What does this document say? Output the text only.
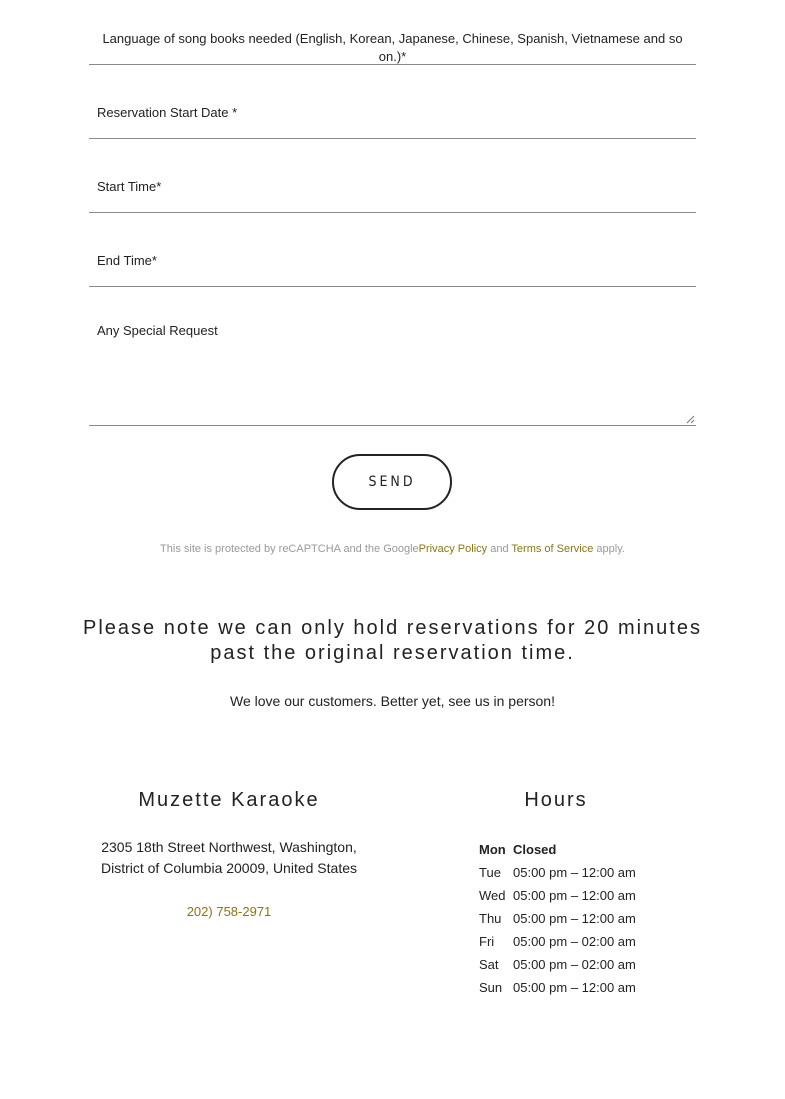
Language of song books needed (English, Korean, Japanese, Chinese, Spanish, Vietnamese and so on.)*
Reservation Start Date *
Start Time*
End Time*
Any Special Request
SEND
This site is protected by reCAPTCHA and the GooglePrivacy Policy and Terms of Service apply.
Please note we can only hold reservations for 20 minutes past the original reservation time.
We love our customers. Better yet, see us in person!
Muzette Karaoke
2305 18th Street Northwest, Washington,
District of Columbia 20009, United States
202) 758-2971
Hours
Mon	Closed
Tue	05:00 pm – 12:00 am
Wed	05:00 pm – 12:00 am
Thu	05:00 pm – 12:00 am
Fri	05:00 pm – 02:00 am
Sat	05:00 pm – 02:00 am
Sun	05:00 pm – 12:00 am
